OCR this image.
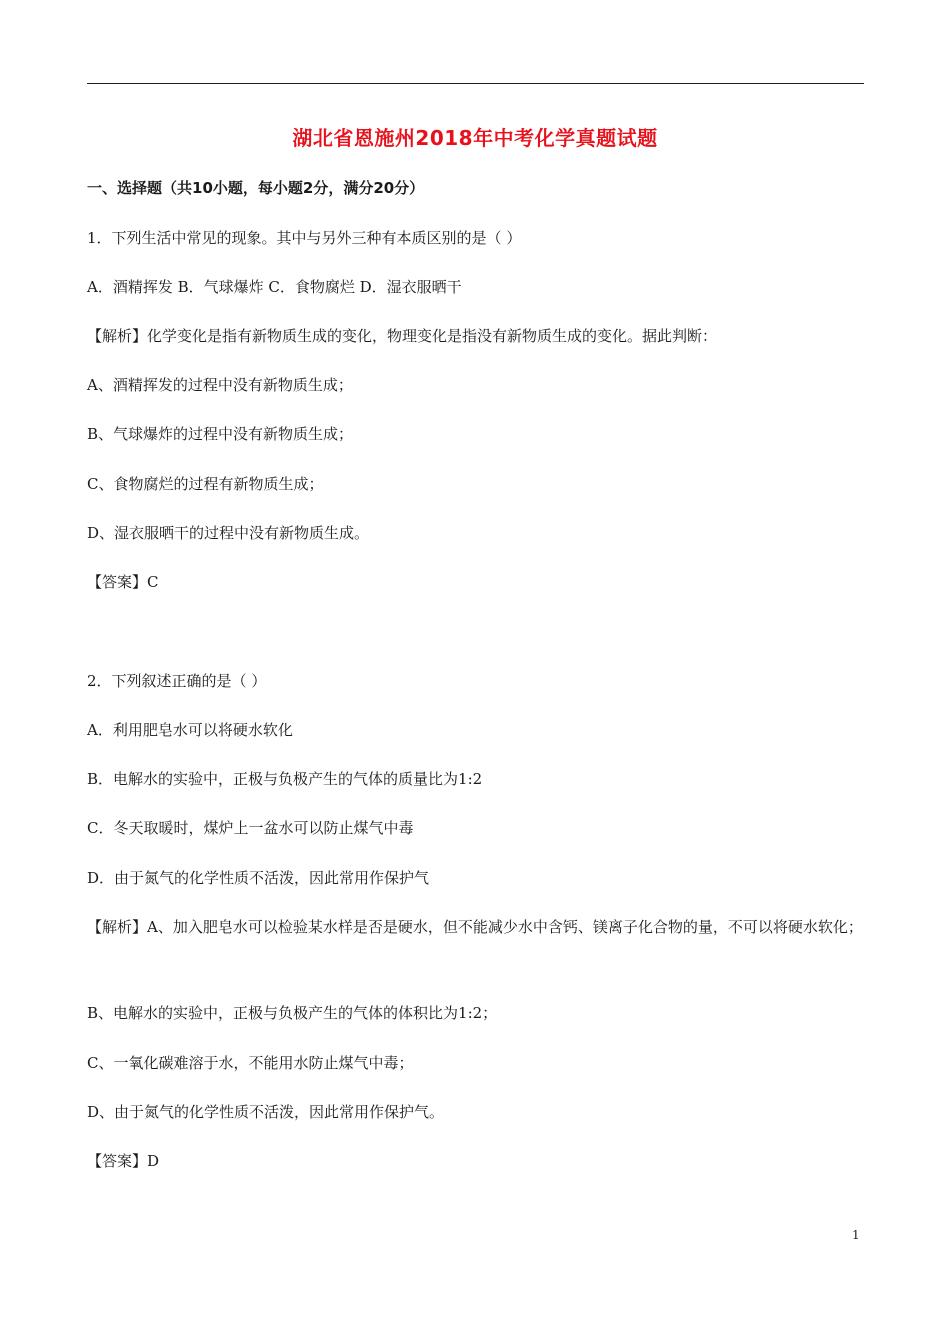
湖北省恩施州2018年中考化学真题试题
一、选择题（共10小题，每小题2分，满分20分）
1．下列生活中常见的现象。其中与另外三种有本质区别的是（ ）
A．酒精挥发 B．气球爆炸 C．食物腐烂 D．湿衣服晒干
【解析】化学变化是指有新物质生成的变化，物理变化是指没有新物质生成的变化。据此判断：
A、酒精挥发的过程中没有新物质生成；
B、气球爆炸的过程中没有新物质生成；
C、食物腐烂的过程有新物质生成；
D、湿衣服晒干的过程中没有新物质生成。
【答案】C
2．下列叙述正确的是（ ）
A．利用肥皂水可以将硬水软化
B．电解水的实验中，正极与负极产生的气体的质量比为1:2
C．冬天取暖时，煤炉上一盆水可以防止煤气中毒
D．由于氮气的化学性质不活泼，因此常用作保护气
【解析】A、加入肥皂水可以检验某水样是否是硬水，但不能减少水中含钙、镁离子化合物的量，不可以将硬水软化；
B、电解水的实验中，正极与负极产生的气体的体积比为1:2；
C、一氧化碳难溶于水，不能用水防止煤气中毒；
D、由于氮气的化学性质不活泼，因此常用作保护气。
【答案】D
1
